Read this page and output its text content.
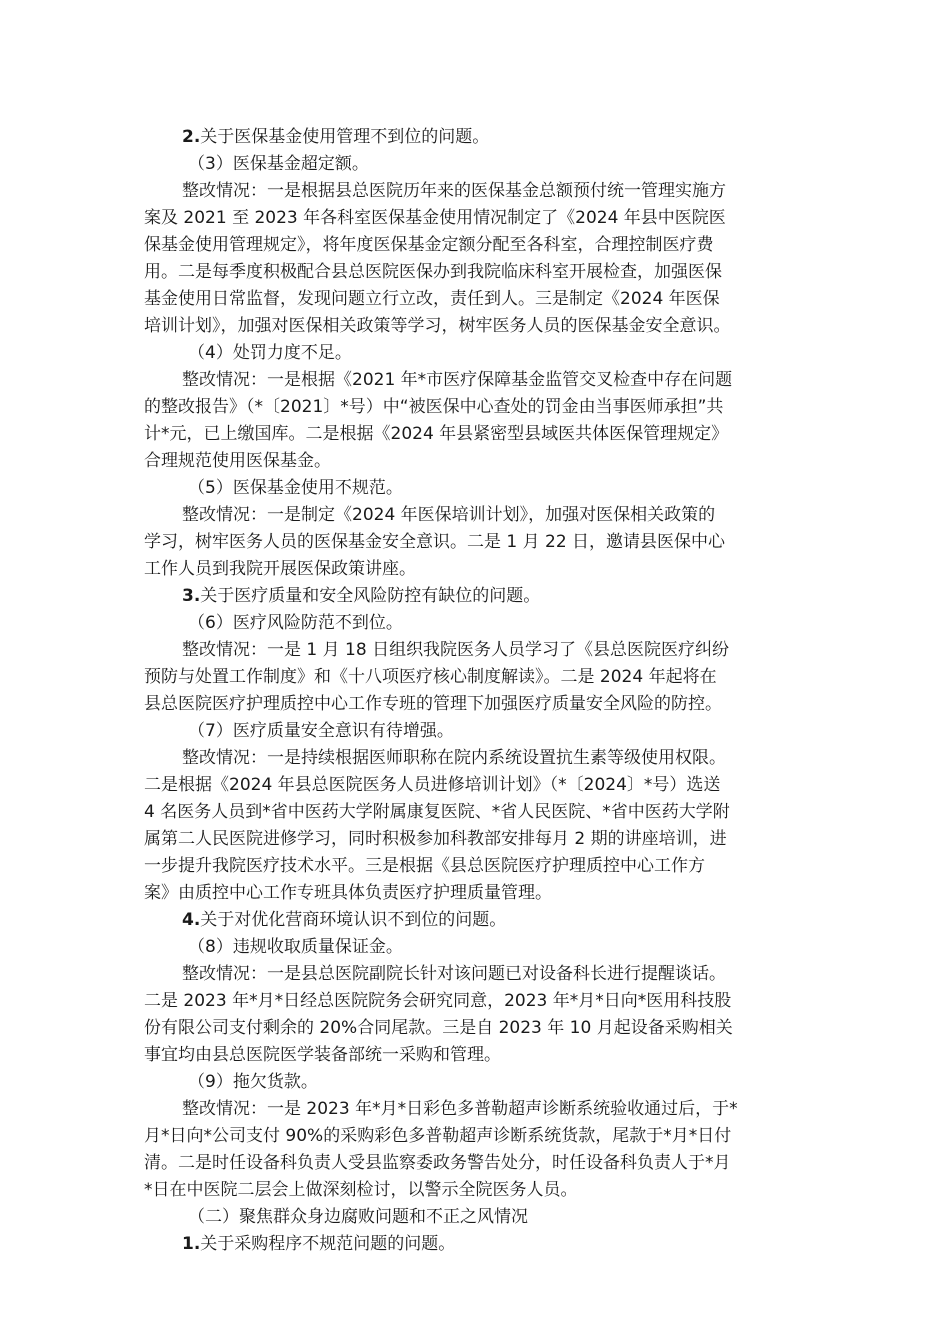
2.关于医保基金使用管理不到位的问题。
（3）医保基金超定额。
整改情况：一是根据县总医院历年来的医保基金总额预付统一管理实施方
案及 2021 至 2023 年各科室医保基金使用情况制定了《2024 年县中医院医
保基金使用管理规定》，将年度医保基金定额分配至各科室，合理控制医疗费
用。二是每季度积极配合县总医院医保办到我院临床科室开展检查，加强医保
基金使用日常监督，发现问题立行立改，责任到人。三是制定《2024 年医保
培训计划》，加强对医保相关政策等学习，树牢医务人员的医保基金安全意识。
（4）处罚力度不足。
整改情况：一是根据《2021 年*市医疗保障基金监管交叉检查中存在问题
的整改报告》（*〔2021〕*号）中“被医保中心查处的罚金由当事医师承担”共
计*元，已上缴国库。二是根据《2024 年县紧密型县域医共体医保管理规定》
合理规范使用医保基金。
（5）医保基金使用不规范。
整改情况：一是制定《2024 年医保培训计划》，加强对医保相关政策的
学习，树牢医务人员的医保基金安全意识。二是 1 月 22 日，邀请县医保中心
工作人员到我院开展医保政策讲座。
3.关于医疗质量和安全风险防控有缺位的问题。
（6）医疗风险防范不到位。
整改情况：一是 1 月 18 日组织我院医务人员学习了《县总医院医疗纠纷
预防与处置工作制度》和《十八项医疗核心制度解读》。二是 2024 年起将在
县总医院医疗护理质控中心工作专班的管理下加强医疗质量安全风险的防控。
（7）医疗质量安全意识有待增强。
整改情况：一是持续根据医师职称在院内系统设置抗生素等级使用权限。
二是根据《2024 年县总医院医务人员进修培训计划》（*〔2024〕*号）选送
4 名医务人员到*省中医药大学附属康复医院、*省人民医院、*省中医药大学附
属第二人民医院进修学习，同时积极参加科教部安排每月 2 期的讲座培训，进
一步提升我院医疗技术水平。三是根据《县总医院医疗护理质控中心工作方
案》由质控中心工作专班具体负责医疗护理质量管理。
4.关于对优化营商环境认识不到位的问题。
（8）违规收取质量保证金。
整改情况：一是县总医院副院长针对该问题已对设备科长进行提醒谈话。
二是 2023 年*月*日经总医院院务会研究同意，2023 年*月*日向*医用科技股
份有限公司支付剩余的 20%合同尾款。三是自 2023 年 10 月起设备采购相关
事宜均由县总医院医学装备部统一采购和管理。
（9）拖欠货款。
整改情况：一是 2023 年*月*日彩色多普勒超声诊断系统验收通过后，于*
月*日向*公司支付 90%的采购彩色多普勒超声诊断系统货款，尾款于*月*日付
清。二是时任设备科负责人受县监察委政务警告处分，时任设备科负责人于*月
*日在中医院二层会上做深刻检讨，以警示全院医务人员。
（二）聚焦群众身边腐败问题和不正之风情况
1.关于采购程序不规范问题的问题。
